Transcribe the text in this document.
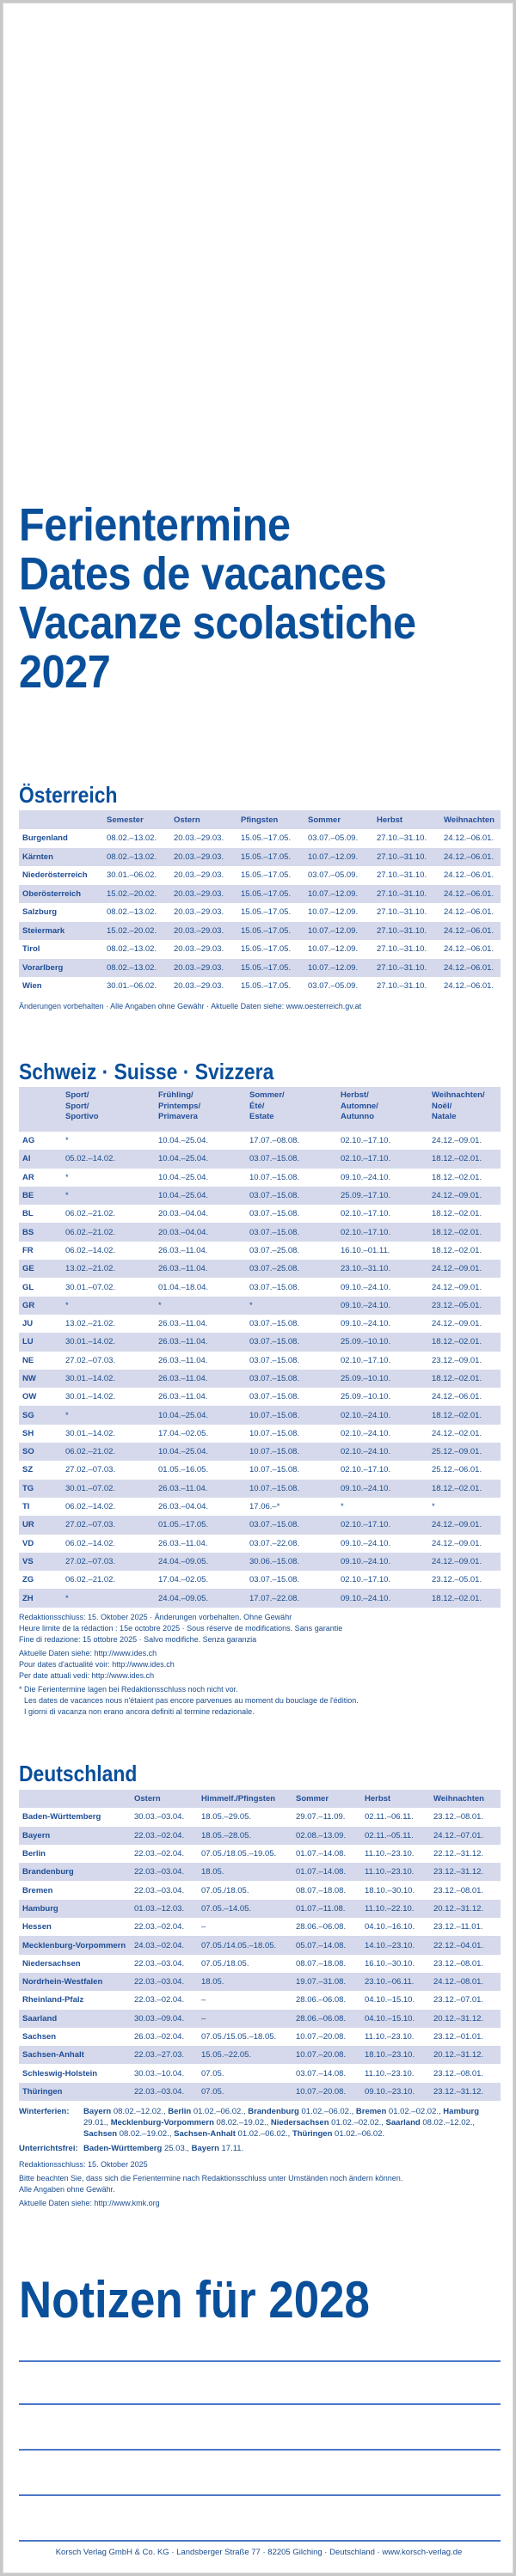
Ferientermine
Dates de vacances
Vacanze scolastiche
2027
Österreich
	Semester	Ostern	Pfingsten	Sommer	Herbst	Weihnachten
Burgenland	08.02.–13.02.	20.03.–29.03.	15.05.–17.05.	03.07.–05.09.	27.10.–31.10.	24.12.–06.01.
Kärnten	08.02.–13.02.	20.03.–29.03.	15.05.–17.05.	10.07.–12.09.	27.10.–31.10.	24.12.–06.01.
Niederösterreich	30.01.–06.02.	20.03.–29.03.	15.05.–17.05.	03.07.–05.09.	27.10.–31.10.	24.12.–06.01.
Oberösterreich	15.02.–20.02.	20.03.–29.03.	15.05.–17.05.	10.07.–12.09.	27.10.–31.10.	24.12.–06.01.
Salzburg	08.02.–13.02.	20.03.–29.03.	15.05.–17.05.	10.07.–12.09.	27.10.–31.10.	24.12.–06.01.
Steiermark	15.02.–20.02.	20.03.–29.03.	15.05.–17.05.	10.07.–12.09.	27.10.–31.10.	24.12.–06.01.
Tirol	08.02.–13.02.	20.03.–29.03.	15.05.–17.05.	10.07.–12.09.	27.10.–31.10.	24.12.–06.01.
Vorarlberg	08.02.–13.02.	20.03.–29.03.	15.05.–17.05.	10.07.–12.09.	27.10.–31.10.	24.12.–06.01.
Wien	30.01.–06.02.	20.03.–29.03.	15.05.–17.05.	03.07.–05.09.	27.10.–31.10.	24.12.–06.01.
Änderungen vorbehalten · Alle Angaben ohne Gewähr · Aktuelle Daten siehe: www.oesterreich.gv.at
Schweiz · Suisse · Svizzera

Sport/
Sport/
Sportivo

Frühling/
Printemps/
Primavera

Sommer/
Été/
Estate

Herbst/
Automne/
Autunno

Weihnachten/
Noël/
Natale

AG	*	10.04.–25.04.	17.07.–08.08.	02.10.–17.10.	24.12.–09.01.
AI	05.02.–14.02.	10.04.–25.04.	03.07.–15.08.	02.10.–17.10.	18.12.–02.01.
AR	*	10.04.–25.04.	10.07.–15.08.	09.10.–24.10.	18.12.–02.01.
BE	*	10.04.–25.04.	03.07.–15.08.	25.09.–17.10.	24.12.–09.01.
BL	06.02.–21.02.	20.03.–04.04.	03.07.–15.08.	02.10.–17.10.	18.12.–02.01.
BS	06.02.–21.02.	20.03.–04.04.	03.07.–15.08.	02.10.–17.10.	18.12.–02.01.
FR	06.02.–14.02.	26.03.–11.04.	03.07.–25.08.	16.10.–01.11.	18.12.–02.01.
GE	13.02.–21.02.	26.03.–11.04.	03.07.–25.08.	23.10.–31.10.	24.12.–09.01.
GL	30.01.–07.02.	01.04.–18.04.	03.07.–15.08.	09.10.–24.10.	24.12.–09.01.
GR	*	*	*	09.10.–24.10.	23.12.–05.01.
JU	13.02.–21.02.	26.03.–11.04.	03.07.–15.08.	09.10.–24.10.	24.12.–09.01.
LU	30.01.–14.02.	26.03.–11.04.	03.07.–15.08.	25.09.–10.10.	18.12.–02.01.
NE	27.02.–07.03.	26.03.–11.04.	03.07.–15.08.	02.10.–17.10.	23.12.–09.01.
NW	30.01.–14.02.	26.03.–11.04.	03.07.–15.08.	25.09.–10.10.	18.12.–02.01.
OW	30.01.–14.02.	26.03.–11.04.	03.07.–15.08.	25.09.–10.10.	24.12.–06.01.
SG	*	10.04.–25.04.	10.07.–15.08.	02.10.–24.10.	18.12.–02.01.
SH	30.01.–14.02.	17.04.–02.05.	10.07.–15.08.	02.10.–24.10.	24.12.–02.01.
SO	06.02.–21.02.	10.04.–25.04.	10.07.–15.08.	02.10.–24.10.	25.12.–09.01.
SZ	27.02.–07.03.	01.05.–16.05.	10.07.–15.08.	02.10.–17.10.	25.12.–06.01.
TG	30.01.–07.02.	26.03.–11.04.	10.07.–15.08.	09.10.–24.10.	18.12.–02.01.
TI	06.02.–14.02.	26.03.–04.04.	17.06.–*	*	*
UR	27.02.–07.03.	01.05.–17.05.	03.07.–15.08.	02.10.–17.10.	24.12.–09.01.
VD	06.02.–14.02.	26.03.–11.04.	03.07.–22.08.	09.10.–24.10.	24.12.–09.01.
VS	27.02.–07.03.	24.04.–09.05.	30.06.–15.08.	09.10.–24.10.	24.12.–09.01.
ZG	06.02.–21.02.	17.04.–02.05.	03.07.–15.08.	02.10.–17.10.	23.12.–05.01.
ZH	*	24.04.–09.05.	17.07.–22.08.	09.10.–24.10.	18.12.–02.01.
Redaktionsschluss: 15. Oktober 2025 · Änderungen vorbehalten. Ohne Gewähr
Heure limite de la rédaction : 15e octobre 2025 · Sous réserve de modifications. Sans garantie
Fine di redazione: 15 ottobre 2025 · Salvo modifiche. Senza garanzia
Aktuelle Daten siehe: http://www.ides.ch
Pour dates d'actualité voir: http://www.ides.ch
Per date attuali vedi: http://www.ides.ch
* Die Ferientermine lagen bei Redaktionsschluss noch nicht vor.
Les dates de vacances nous n'étaient pas encore parvenues au moment du bouclage de l'édition.
I giorni di vacanza non erano ancora definiti al termine redazionale.
Deutschland
	Ostern	Himmelf./Pfingsten	Sommer	Herbst	Weihnachten
Baden-Württemberg	30.03.–03.04.	18.05.–29.05.	29.07.–11.09.	02.11.–06.11.	23.12.–08.01.
Bayern	22.03.–02.04.	18.05.–28.05.	02.08.–13.09.	02.11.–05.11.	24.12.–07.01.
Berlin	22.03.–02.04.	07.05./18.05.–19.05.	01.07.–14.08.	11.10.–23.10.	22.12.–31.12.
Brandenburg	22.03.–03.04.	18.05.	01.07.–14.08.	11.10.–23.10.	23.12.–31.12.
Bremen	22.03.–03.04.	07.05./18.05.	08.07.–18.08.	18.10.–30.10.	23.12.–08.01.
Hamburg	01.03.–12.03.	07.05.–14.05.	01.07.–11.08.	11.10.–22.10.	20.12.–31.12.
Hessen	22.03.–02.04.	–	28.06.–06.08.	04.10.–16.10.	23.12.–11.01.
Mecklenburg-Vorpommern	24.03.–02.04.	07.05./14.05.–18.05.	05.07.–14.08.	14.10.–23.10.	22.12.–04.01.
Niedersachsen	22.03.–03.04.	07.05./18.05.	08.07.–18.08.	16.10.–30.10.	23.12.–08.01.
Nordrhein-Westfalen	22.03.–03.04.	18.05.	19.07.–31.08.	23.10.–06.11.	24.12.–08.01.
Rheinland-Pfalz	22.03.–02.04.	–	28.06.–06.08.	04.10.–15.10.	23.12.–07.01.
Saarland	30.03.–09.04.	–	28.06.–06.08.	04.10.–15.10.	20.12.–31.12.
Sachsen	26.03.–02.04.	07.05./15.05.–18.05.	10.07.–20.08.	11.10.–23.10.	23.12.–01.01.
Sachsen-Anhalt	22.03.–27.03.	15.05.–22.05.	10.07.–20.08.	18.10.–23.10.	20.12.–31.12.
Schleswig-Holstein	30.03.–10.04.	07.05.	03.07.–14.08.	11.10.–23.10.	23.12.–08.01.
Thüringen	22.03.–03.04.	07.05.	10.07.–20.08.	09.10.–23.10.	23.12.–31.12.
Winterferien:	Bayern 08.02.–12.02., Berlin 01.02.–06.02., Brandenburg 01.02.–06.02., Bremen 01.02.–02.02., Hamburg 29.01., Mecklenburg-Vorpommern 08.02.–19.02., Niedersachsen 01.02.–02.02., Saarland 08.02.–12.02., Sachsen 08.02.–19.02., Sachsen-Anhalt 01.02.–06.02., Thüringen 01.02.–06.02.
Unterrichtsfrei: Baden-Württemberg 25.03., Bayern 17.11.
Redaktionsschluss: 15. Oktober 2025
Bitte beachten Sie, dass sich die Ferientermine nach Redaktionsschluss unter Umständen noch ändern können.
Alle Angaben ohne Gewähr.
Aktuelle Daten siehe: http://www.kmk.org
Notizen für 2028
Korsch Verlag GmbH & Co. KG · Landsberger Straße 77 · 82205 Gilching · Deutschland · www.korsch-verlag.de
